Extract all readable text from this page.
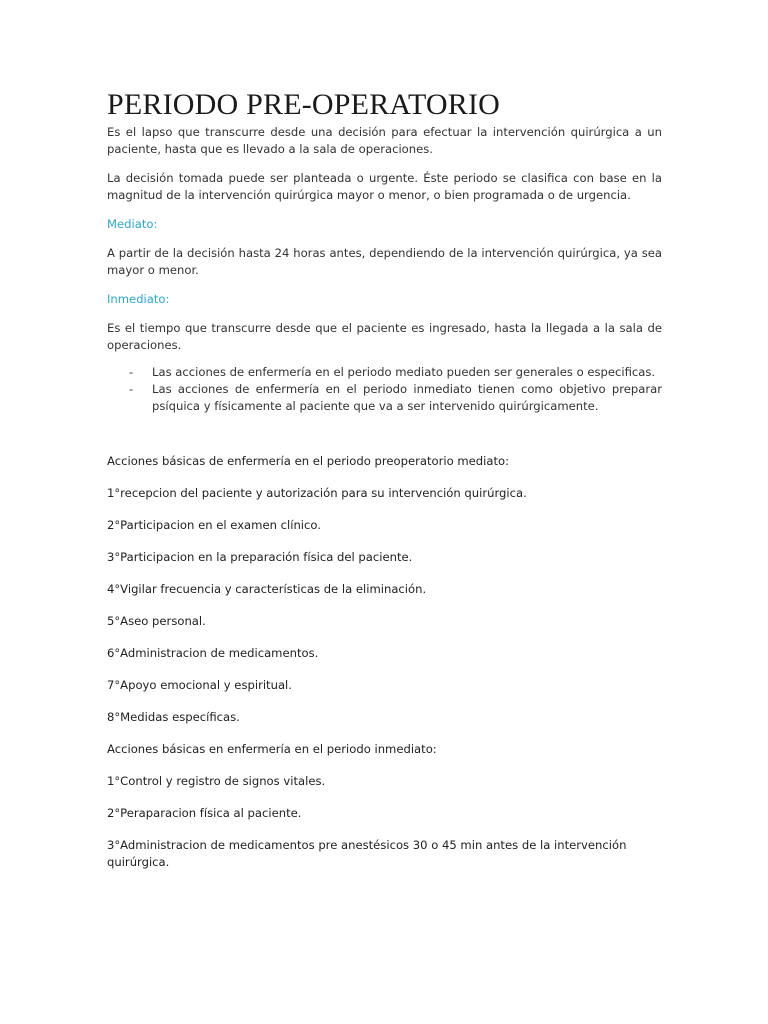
PERIODO PRE-OPERATORIO

Es el lapso que transcurre desde una decisión para efectuar la intervención quirúrgica a un paciente, hasta que es llevado a la sala de operaciones.

La decisión tomada puede ser planteada o urgente. Éste periodo se clasifica con base en la magnitud de la intervención quirúrgica mayor o menor, o bien programada o de urgencia.

Mediato:

A partir de la decisión hasta 24 horas antes, dependiendo de la intervención quirúrgica, ya sea mayor o menor.

Inmediato:

Es el tiempo que transcurre desde que el paciente es ingresado, hasta la llegada a la sala de operaciones.

- Las acciones de enfermería en el periodo mediato pueden ser generales o especificas.
- Las acciones de enfermería en el periodo inmediato tienen como objetivo preparar psíquica y físicamente al paciente que va a ser intervenido quirúrgicamente.

Acciones básicas de enfermería en el periodo preoperatorio mediato:

1°recepcion del paciente y autorización para su intervención quirúrgica.

2°Participacion en el examen clínico.

3°Participacion en la preparación física del paciente.

4°Vigilar frecuencia y características de la eliminación.

5°Aseo personal.

6°Administracion de medicamentos.

7°Apoyo emocional y espiritual.

8°Medidas específicas.

Acciones básicas en enfermería en el periodo inmediato:

1°Control y registro de signos vitales.

2°Peraparacion física al paciente.

3°Administracion de medicamentos pre anestésicos 30 o 45 min antes de la intervención quirúrgica.
